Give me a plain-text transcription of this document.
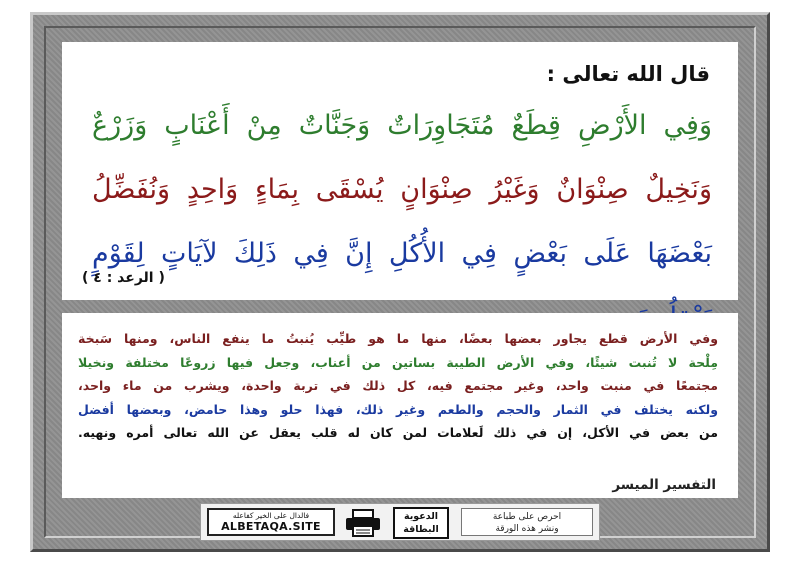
قال الله تعالى :
وَفِي الأَرْضِ قِطَعٌ مُتَجَاوِرَاتٌ وَجَنَّاتٌ مِنْ أَعْنَابٍ وَزَرْعٌ
وَنَخِيلٌ صِنْوَانٌ وَغَيْرُ صِنْوَانٍ يُسْقَى بِمَاءٍ وَاحِدٍ وَنُفَضِّلُ
بَعْضَهَا عَلَى بَعْضٍ فِي الأُكُلِ إِنَّ فِي ذَلِكَ لآيَاتٍ لِقَوْمٍ
( الرعد : ٤ )
وفي الأرض قطع يجاور بعضها بعضًا، منها ما هو طيِّب يُنبتُ ما ينفع الناس، ومنها سَبخة
مِلْحة لا تُنبت شيئًا، وفي الأرض الطيبة بساتين من أعناب، وجعل فيها زروعًا مختلفة ونخيلا
مجتمعًا في منبت واحد، وغير مجتمع فيه، كل ذلك في تربة واحدة، ويشرب من ماء واحد،
ولكنه يختلف في الثمار والحجم والطعم وغير ذلك، فهذا حلو وهذا حامض، وبعضها أفضل
من بعض في الأكل، إن في ذلك لَعلامات لمن كان له قلب يعقل عن الله تعالى أمره ونهيه.
التفسير الميسر
فالدال على الخير كفاعله
ALBETAQA.SITE
الدعوية
البطاقة
احرص على طباعة
ونشر هذه الورقة
